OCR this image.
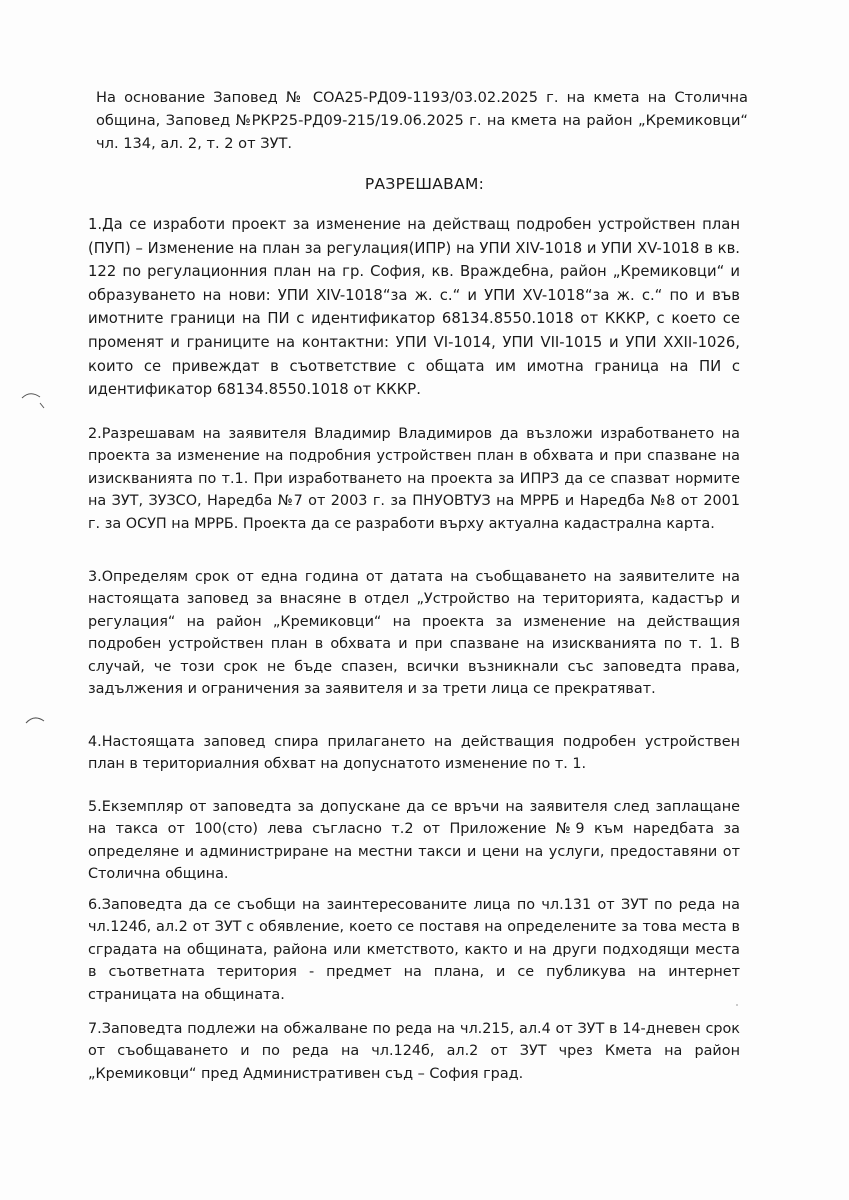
На основание Заповед № СОА25-РД09-1193/03.02.2025 г. на кмета на Столична община, Заповед №РКР25-РД09-215/19.06.2025 г. на кмета на район „Кремиковци“ чл. 134, ал. 2, т. 2 от ЗУТ.
РАЗРЕШАВАМ:
1.Да се изработи проект за изменение на действащ подробен устройствен план (ПУП) – Изменение на план за регулация(ИПР) на УПИ XIV-1018 и УПИ XV-1018 в кв. 122 по регулационния план на гр. София, кв. Враждебна, район „Кремиковци“ и образуването на нови: УПИ XIV-1018“за ж. с.“ и УПИ XV-1018“за ж. с.“ по и във имотните граници на ПИ с идентификатор 68134.8550.1018 от КККР, с което се променят и границите на контактни: УПИ VI-1014, УПИ VII-1015 и УПИ XXII-1026, които се привеждат в съответствие с общата им имотна граница на ПИ с идентификатор 68134.8550.1018 от КККР.
2.Разрешавам на заявителя Владимир Владимиров да възложи изработването на проекта за изменение на подробния устройствен план в обхвата и при спазване на изискванията по т.1. При изработването на проекта за ИПРЗ да се спазват нормите на ЗУТ, ЗУЗСО, Наредба №7 от 2003 г. за ПНУОВТУЗ на МРРБ и Наредба №8 от 2001 г. за ОСУП на МРРБ. Проекта да се разработи върху актуална кадастрална карта.
3.Определям срок от една година от датата на съобщаването на заявителите на настоящата заповед за внасяне в отдел „Устройство на територията, кадастър и регулация“ на район „Кремиковци“ на проекта за изменение на действащия подробен устройствен план в обхвата и при спазване на изискванията по т. 1. В случай, че този срок не бъде спазен, всички възникнали със заповедта права, задължения и ограничения за заявителя и за трети лица се прекратяват.
4.Настоящата заповед спира прилагането на действащия подробен устройствен план в териториалния обхват на допуснатото изменение по т. 1.
5.Екземпляр от заповедта за допускане да се връчи на заявителя след заплащане на такса от 100(сто) лева съгласно т.2 от Приложение №9 към наредбата за определяне и администриране на местни такси и цени на услуги, предоставяни от Столична община.
6.Заповедта да се съобщи на заинтересованите лица по чл.131 от ЗУТ по реда на чл.124б, ал.2 от ЗУТ с обявление, което се поставя на определените за това места в сградата на общината, района или кметството, както и на други подходящи места в съответната територия - предмет на плана, и се публикува на интернет страницата на общината.
7.Заповедта подлежи на обжалване по реда на чл.215, ал.4 от ЗУТ в 14-дневен срок от съобщаването и по реда на чл.124б, ал.2 от ЗУТ чрез Кмета на район „Кремиковци“ пред Административен съд – София град.
